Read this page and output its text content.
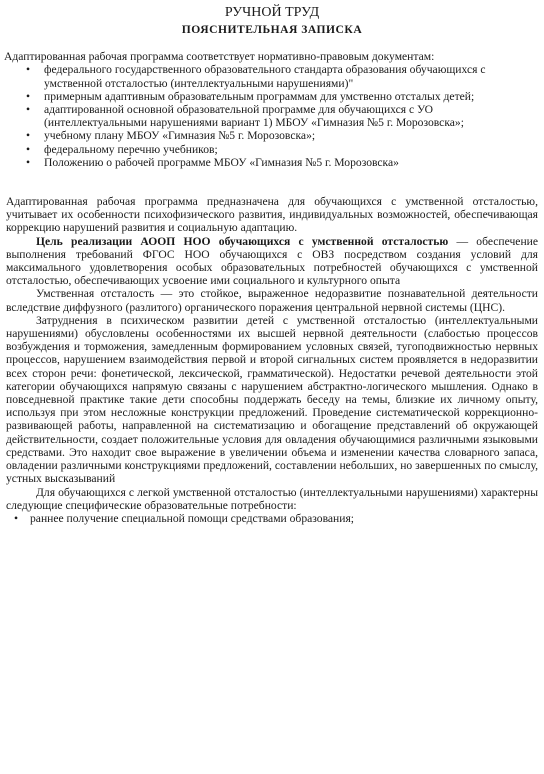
РУЧНОЙ ТРУД
ПОЯСНИТЕЛЬНАЯ ЗАПИСКА

Адаптированная рабочая программа соответствует нормативно-правовым документам:

• федерального государственного образовательного стандарта образования обучающихся с умственной отсталостью (интеллектуальными нарушениями)"
• примерным адаптивным образовательным программам для умственно отсталых детей;
• адаптированной основной образовательной программе для обучающихся с УО (интеллектуальными нарушениями вариант 1) МБОУ «Гимназия №5 г. Морозовска»;
• учебному плану МБОУ «Гимназия №5 г. Морозовска»;
• федеральному перечню учебников;
• Положению о рабочей программе МБОУ «Гимназия №5 г. Морозовска»

Адаптированная рабочая программа предназначена для обучающихся с умственной отсталостью, учитывает их особенности психофизического развития, индивидуальных возможностей, обеспечивающая коррекцию нарушений развития и социальную адаптацию.

Цель реализации АООП НОО обучающихся с умственной отсталостью — обеспечение выполнения требований ФГОС НОО обучающихся с ОВЗ посредством создания условий для максимального удовлетворения особых образовательных потребностей обучающихся с умственной отсталостью, обеспечивающих усвоение ими социального и культурного опыта

Умственная отсталость — это стойкое, выраженное недоразвитие познавательной деятельности вследствие диффузного (разлитого) органического поражения центральной нервной системы (ЦНС).

Затруднения в психическом развитии детей с умственной отсталостью (интеллектуальными нарушениями) обусловлены особенностями их высшей нервной деятельности (слабостью процессов возбуждения и торможения, замедленным формированием условных связей, тугоподвижностью нервных процессов, нарушением взаимодействия первой и второй сигнальных систем проявляется в недоразвитии всех сторон речи: фонетической, лексической, грамматической). Недостатки речевой деятельности этой категории обучающихся напрямую связаны с нарушением абстрактно-логического мышления. Однако в повседневной практике такие дети способны поддержать беседу на темы, близкие их личному опыту, используя при этом несложные конструкции предложений. Проведение систематической коррекционно-развивающей работы, направленной на систематизацию и обогащение представлений об окружающей действительности, создает положительные условия для овладения обучающимися различными языковыми средствами. Это находит свое выражение в увеличении объема и изменении качества словарного запаса, овладении различными конструкциями предложений, составлении небольших, но завершенных по смыслу, устных высказываний

Для обучающихся с легкой умственной отсталостью (интеллектуальными нарушениями) характерны следующие специфические образовательные потребности:

• раннее получение специальной помощи средствами образования;
